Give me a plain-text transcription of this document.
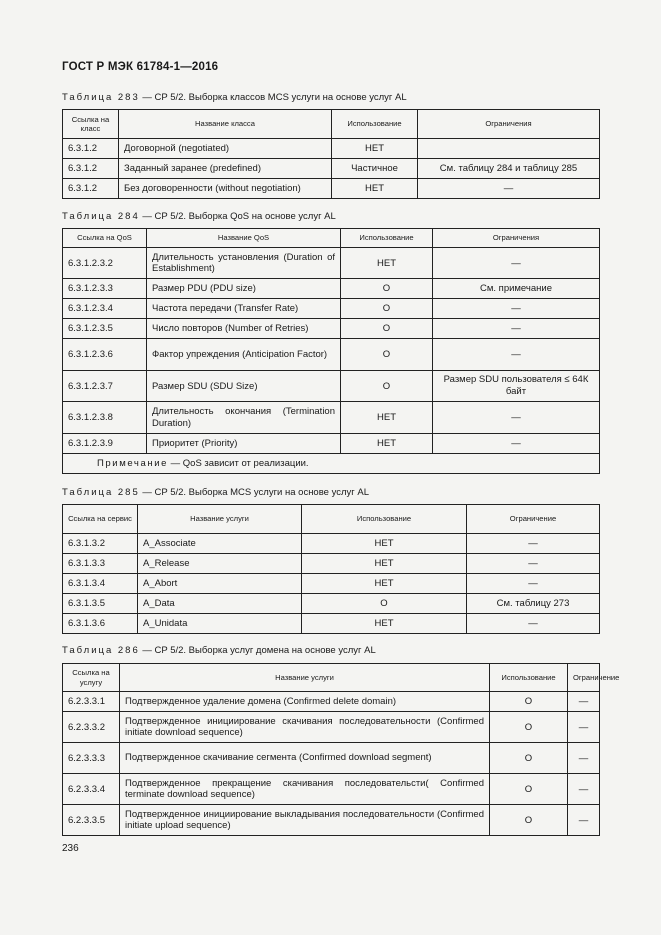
ГОСТ Р МЭК 61784-1—2016
Таблица 283 — CP 5/2. Выборка классов MCS услуги на основе услуг AL
Ссылка на класс	Название класса	Использование	Ограничения
6.3.1.2	Договорной (negotiated)	НЕТ	
6.3.1.2	Заданный заранее (predefined)	Частичное	См. таблицу 284 и таблицу 285
6.3.1.2	Без договоренности (without negotiation)	НЕТ	—
Таблица 284 — CP 5/2. Выборка QoS на основе услуг AL
Ссылка на QoS	Название QoS	Использование	Ограничения
6.3.1.2.3.2	Длительность установления (Duration of Establishment)	НЕТ	—
6.3.1.2.3.3	Размер PDU (PDU size)	О	См. примечание
6.3.1.2.3.4	Частота передачи (Transfer Rate)	О	—
6.3.1.2.3.5	Число повторов (Number of Retries)	О	—
6.3.1.2.3.6	Фактор упреждения (Anticipation Factor)	О	—
6.3.1.2.3.7	Размер SDU (SDU Size)	О	Размер SDU пользователя ≤ 64К байт
6.3.1.2.3.8	Длительность окончания (Termination Duration)	НЕТ	—
6.3.1.2.3.9	Приоритет (Priority)	НЕТ	—
Примечание — QoS зависит от реализации.			
Таблица 285 — CP 5/2. Выборка MCS услуги на основе услуг AL
Ссылка на сервис	Название услуги	Использование	Ограничение
6.3.1.3.2	A_Associate	НЕТ	—
6.3.1.3.3	A_Release	НЕТ	—
6.3.1.3.4	A_Abort	НЕТ	—
6.3.1.3.5	A_Data	О	См. таблицу 273
6.3.1.3.6	A_Unidata	НЕТ	—
Таблица 286 — CP 5/2. Выборка услуг домена на основе услуг AL
Ссылка на услугу	Название услуги	Использование	Ограничение
6.2.3.3.1	Подтвержденное удаление домена (Confirmed delete domain)	О	—
6.2.3.3.2	Подтвержденное инициирование скачивания последовательности (Confirmed initiate download sequence)	О	—
6.2.3.3.3	Подтвержденное скачивание сегмента (Confirmed download segment)	О	—
6.2.3.3.4	Подтвержденное прекращение скачивания последовательсти( Confirmed terminate download sequence)	О	—
6.2.3.3.5	Подтвержденное инициирование выкладывания последовательности (Confirmed initiate upload sequence)	О	—
236
